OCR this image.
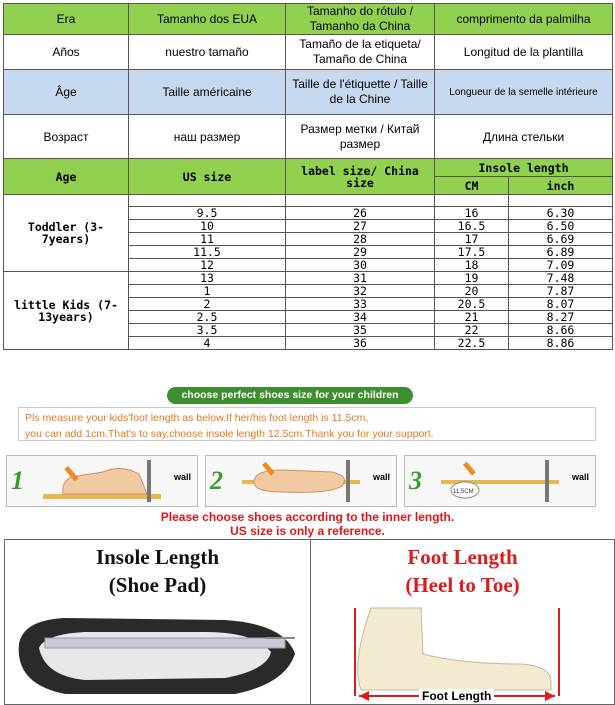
Era	Tamanho dos EUA	Tamanho do rótulo / Tamanho da China	comprimento da palmilha
Años	nuestro tamaño	Tamaño de la etiqueta/ Tamaño de China	Longitud de la plantilla
Âge	Taille américaine	Taille de l'étiquette / Taille de la Chine	Longueur de la semelle intérieure
Возраст	наш размер	Размер метки / Китай размер	Длина стельки
Age	US size	label size/ China size	Insole length	
			CM	inch
Toddler (3-7years)				
	9.5	26	16	6.30
	10	27	16.5	6.50
	11	28	17	6.69
	11.5	29	17.5	6.89
	12	30	18	7.09
little Kids (7-13years)	13	31	19	7.48
	1	32	20	7.87
	2	33	20.5	8.07
	2.5	34	21	8.27
	3.5	35	22	8.66
	4	36	22.5	8.86
choose perfect shoes size for your children
Pls measure your kids'foot length as below.If her/his foot length is 11.5cm,
you can add 1cm.That's to say,choose insole length 12.5cm.Thank you for your support.
1	wall 2	wall 3	11.5CM
wall
Please choose shoes according to the inner length.
US size is only a reference.
Insole Length
(Shoe Pad)
Foot Length
(Heel to Toe)
Foot Length
